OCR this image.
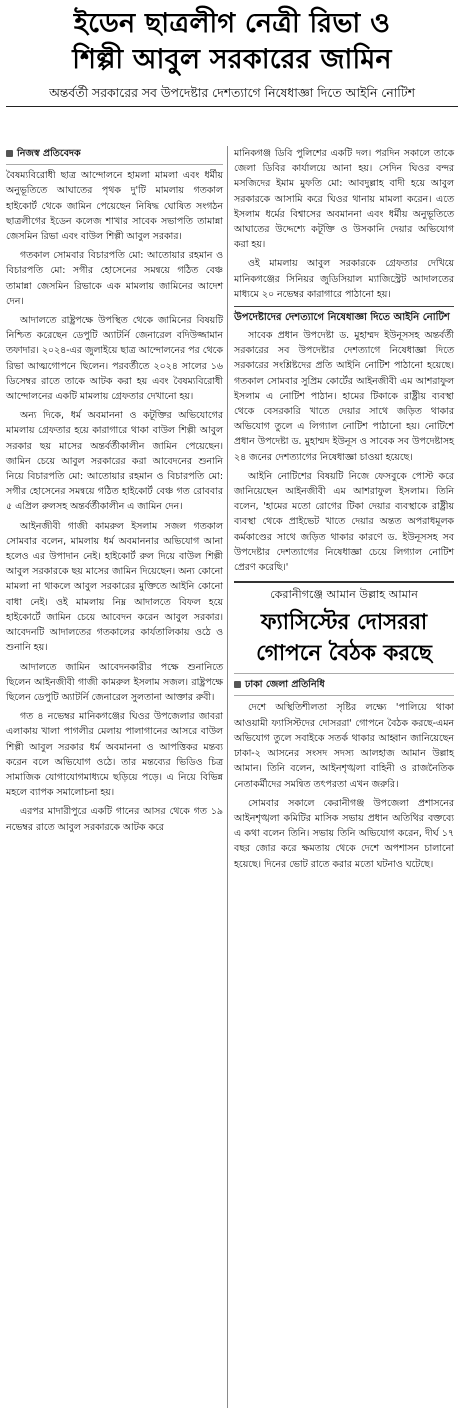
ইডেন ছাত্রলীগ নেত্রী রিভা ও
শিল্পী আবুল সরকারের জামিন
অন্তর্বর্তী সরকারের সব উপদেষ্টার দেশত্যাগে নিষেধাজ্ঞা দিতে আইনি নোটিশ
নিজস্ব প্রতিবেদক

বৈষম্যবিরোধী ছাত্র আন্দোলনে হামলা মামলা এবং ধর্মীয় অনুভূতিতে আঘাতের পৃথক দু'টি মামলায় গতকাল হাইকোর্ট থেকে জামিন পেয়েছেন নিষিদ্ধ ঘোষিত সংগঠন ছাত্রলীগের ইডেন কলেজ শাখার সাবেক সভাপতি তামান্না জেসমিন রিভা এবং বাউল শিল্পী আবুল সরকার।

গতকাল সোমবার বিচারপতি মো: আতোয়ার রহমান ও বিচারপতি মো: সগীর হোসেনের সমন্বয়ে গঠিত বেঞ্চ তামান্না জেসমিন রিভাকে এক মামলায় জামিনের আদেশ দেন।

আদালতে রাষ্ট্রপক্ষে উপস্থিত থেকে জামিনের বিষয়টি নিশ্চিত করেছেন ডেপুটি অ্যাটর্নি জেনারেল বদিউজ্জামান তফাদার। ২০২৪-এর জুলাইয়ে ছাত্র আন্দোলনের পর থেকে রিভা আত্মগোপনে ছিলেন। পরবর্তীতে ২০২৪ সালের ১৬ ডিসেম্বর রাতে তাকে আটক করা হয় এবং বৈষম্যবিরোধী আন্দোলনের একটি মামলায় গ্রেফতার দেখানো হয়।

অন্য দিকে, ধর্ম অবমাননা ও কটূক্তির অভিযোগের মামলায় গ্রেফতার হয়ে কারাগারে থাকা বাউল শিল্পী আবুল সরকার ছয় মাসের অন্তর্বর্তীকালীন জামিন পেয়েছেন। জামিন চেয়ে আবুল সরকারের করা আবেদনের শুনানি নিয়ে বিচারপতি মো: আতোয়ার রহমান ও বিচারপতি মো: সগীর হোসেনের সমন্বয়ে গঠিত হাইকোর্ট বেঞ্চ গত রোববার ৫ এপ্রিল রুলসহ অন্তর্বর্তীকালীন এ জামিন দেন।

আইনজীবী গাজী কামরুল ইসলাম সজল গতকাল সোমবার বলেন, মামলায় ধর্ম অবমাননার অভিযোগ আনা হলেও এর উপাদান নেই। হাইকোর্ট রুল দিয়ে বাউল শিল্পী আবুল সরকারকে ছয় মাসের জামিন দিয়েছেন। অন্য কোনো মামলা না থাকলে আবুল সরকারের মুক্তিতে আইনি কোনো বাধা নেই। ওই মামলায় নিম্ন আদালতে বিফল হয়ে হাইকোর্টে জামিন চেয়ে আবেদন করেন আবুল সরকার। আবেদনটি আদালতের গতকালের কার্যতালিকায় ওঠে ও শুনানি হয়।

আদালতে জামিন আবেদনকারীর পক্ষে শুনানিতে ছিলেন আইনজীবী গাজী কামরুল ইসলাম সজল। রাষ্ট্রপক্ষে ছিলেন ডেপুটি অ্যাটর্নি জেনারেল সুলতানা আক্তার রুবী।

গত ৪ নভেম্বর মানিকগঞ্জের ঘিওর উপজেলার জাবরা এলাকায় খালা পাগলীর মেলায় পালাগানের আসরে বাউল শিল্পী আবুল সরকার ধর্ম অবমাননা ও আপত্তিকর মন্তব্য করেন বলে অভিযোগ ওঠে। তার মন্তব্যের ভিডিও চিত্র সামাজিক যোগাযোগমাধ্যমে ছড়িয়ে পড়ে। এ নিয়ে বিভিন্ন মহলে ব্যাপক সমালোচনা হয়।

এরপর মাদারীপুরে একটি গানের আসর থেকে গত ১৯ নভেম্বর রাতে আবুল সরকারকে আটক করে

মানিকগঞ্জ ডিবি পুলিশের একটি দল। পরদিন সকালে তাকে জেলা ডিবির কার্যালয়ে আনা হয়। সেদিন ঘিওর বন্দর মসজিদের ইমাম মুফতি মো: আবদুল্লাহ বাদী হয়ে আবুল সরকারকে আসামি করে ঘিওর থানায় মামলা করেন। এতে ইসলাম ধর্মের বিশ্বাসের অবমাননা এবং ধর্মীয় অনুভূতিতে আঘাতের উদ্দেশ্যে কটূক্তি ও উসকানি দেয়ার অভিযোগ করা হয়।

ওই মামলায় আবুল সরকারকে গ্রেফতার দেখিয়ে মানিকগঞ্জের সিনিয়র জুডিসিয়াল ম্যাজিস্ট্রেট আদালতের মাধ্যমে ২০ নভেম্বর কারাগারে পাঠানো হয়।

উপদেষ্টাদের দেশত্যাগে নিষেধাজ্ঞা দিতে আইনি নোটিশ

সাবেক প্রধান উপদেষ্টা ড. মুহাম্মদ ইউনূসসহ অন্তর্বর্তী সরকারের সব উপদেষ্টার দেশত্যাগে নিষেধাজ্ঞা দিতে সরকারের সংশ্লিষ্টদের প্রতি আইনি নোটিশ পাঠানো হয়েছে। গতকাল সোমবার সুপ্রিম কোর্টের আইনজীবী এম আশরাফুল ইসলাম এ নোটিশ পাঠান। হামের টিকাকে রাষ্ট্রীয় ব্যবস্থা থেকে বেসরকারি খাতে দেয়ার সাথে জড়িত থাকার অভিযোগ তুলে এ লিগ্যাল নোটিশ পাঠানো হয়। নোটিশে প্রধান উপদেষ্টা ড. মুহাম্মদ ইউনূস ও সাবেক সব উপদেষ্টাসহ ২৪ জনের দেশত্যাগের নিষেধাজ্ঞা চাওয়া হয়েছে।

আইনি নোটিশের বিষয়টি নিজে ফেসবুকে পোস্ট করে জানিয়েছেন আইনজীবী এম আশরাফুল ইসলাম। তিনি বলেন, 'হামের মতো রোগের টিকা দেয়ার ব্যবস্থাকে রাষ্ট্রীয় ব্যবস্থা থেকে প্রাইভেট খাতে দেয়ার অন্তত অপরাধমূলক কর্মকাণ্ডের সাথে জড়িত থাকার কারণে ড. ইউনূসসহ সব উপদেষ্টার দেশত্যাগের নিষেধাজ্ঞা চেয়ে লিগ্যাল নোটিশ প্রেরণ করেছি।'

কেরানীগঞ্জে আমান উল্লাহ আমান
ফ্যাসিস্টের দোসররা
গোপনে বৈঠক করছে
ঢাকা জেলা প্রতিনিধি

দেশে অস্থিতিশীলতা সৃষ্টির লক্ষ্যে 'পালিয়ে থাকা আওয়ামী ফ্যাসিস্টদের দোসররা' গোপনে বৈঠক করছে-এমন অভিযোগ তুলে সবাইকে সতর্ক থাকার আহ্বান জানিয়েছেন ঢাকা-২ আসনের সংসদ সদস্য আলহাজ আমান উল্লাহ আমান। তিনি বলেন, আইনশৃঙ্খলা বাহিনী ও রাজনৈতিক নেতাকর্মীদের সমন্বিত তৎপরতা এখন জরুরি।

সোমবার সকালে কেরানীগঞ্জ উপজেলা প্রশাসনের আইনশৃঙ্খলা কমিটির মাসিক সভায় প্রধান অতিথির বক্তব্যে এ কথা বলেন তিনি। সভায় তিনি অভিযোগ করেন, দীর্ঘ ১৭ বছর জোর করে ক্ষমতায় থেকে দেশে অপশাসন চালানো হয়েছে। দিনের ভোট রাতে করার মতো ঘটনাও ঘটেছে।
